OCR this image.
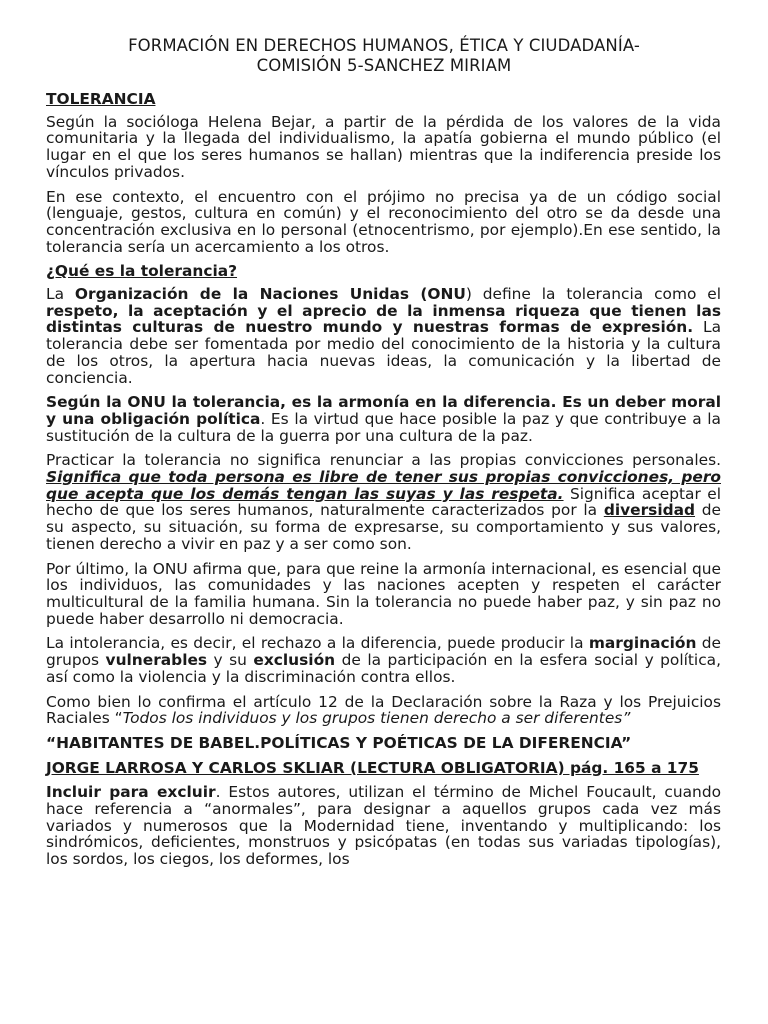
FORMACIÓN EN DERECHOS HUMANOS, ÉTICA Y CIUDADANÍA-
COMISIÓN 5-SANCHEZ MIRIAM
TOLERANCIA

Según la socióloga Helena Bejar, a partir de la pérdida de los valores de la vida comunitaria y la llegada del individualismo, la apatía gobierna el mundo público (el lugar en el que los seres humanos se hallan) mientras que la indiferencia preside los vínculos privados.

En ese contexto, el encuentro con el prójimo no precisa ya de un código social (lenguaje, gestos, cultura en común) y el reconocimiento del otro se da desde una concentración exclusiva en lo personal (etnocentrismo, por ejemplo).En ese sentido, la tolerancia sería un acercamiento a los otros.

¿Qué es la tolerancia?

La Organización de la Naciones Unidas (ONU) define la tolerancia como el respeto, la aceptación y el aprecio de la inmensa riqueza que tienen las distintas culturas de nuestro mundo y nuestras formas de expresión. La tolerancia debe ser fomentada por medio del conocimiento de la historia y la cultura de los otros, la apertura hacia nuevas ideas, la comunicación y la libertad de conciencia.

Según la ONU la tolerancia, es la armonía en la diferencia. Es un deber moral y una obligación política. Es la virtud que hace posible la paz y que contribuye a la sustitución de la cultura de la guerra por una cultura de la paz.

Practicar la tolerancia no significa renunciar a las propias convicciones personales. Significa que toda persona es libre de tener sus propias convicciones, pero que acepta que los demás tengan las suyas y las respeta. Significa aceptar el hecho de que los seres humanos, naturalmente caracterizados por la diversidad de su aspecto, su situación, su forma de expresarse, su comportamiento y sus valores, tienen derecho a vivir en paz y a ser como son.

Por último, la ONU afirma que, para que reine la armonía internacional, es esencial que los individuos, las comunidades y las naciones acepten y respeten el carácter multicultural de la familia humana. Sin la tolerancia no puede haber paz, y sin paz no puede haber desarrollo ni democracia.

La intolerancia, es decir, el rechazo a la diferencia, puede producir la marginación de grupos vulnerables y su exclusión de la participación en la esfera social y política, así como la violencia y la discriminación contra ellos.

Como bien lo confirma el artículo 12 de la Declaración sobre la Raza y los Prejuicios Raciales “Todos los individuos y los grupos tienen derecho a ser diferentes”

“HABITANTES DE BABEL.POLÍTICAS Y POÉTICAS DE LA DIFERENCIA”

JORGE LARROSA Y CARLOS SKLIAR (LECTURA OBLIGATORIA) pág. 165 a 175

Incluir para excluir. Estos autores, utilizan el término de Michel Foucault, cuando hace referencia a “anormales”, para designar a aquellos grupos cada vez más variados y numerosos que la Modernidad tiene, inventando y multiplicando: los sindrómicos, deficientes, monstruos y psicópatas (en todas sus variadas tipologías), los sordos, los ciegos, los deformes, los
